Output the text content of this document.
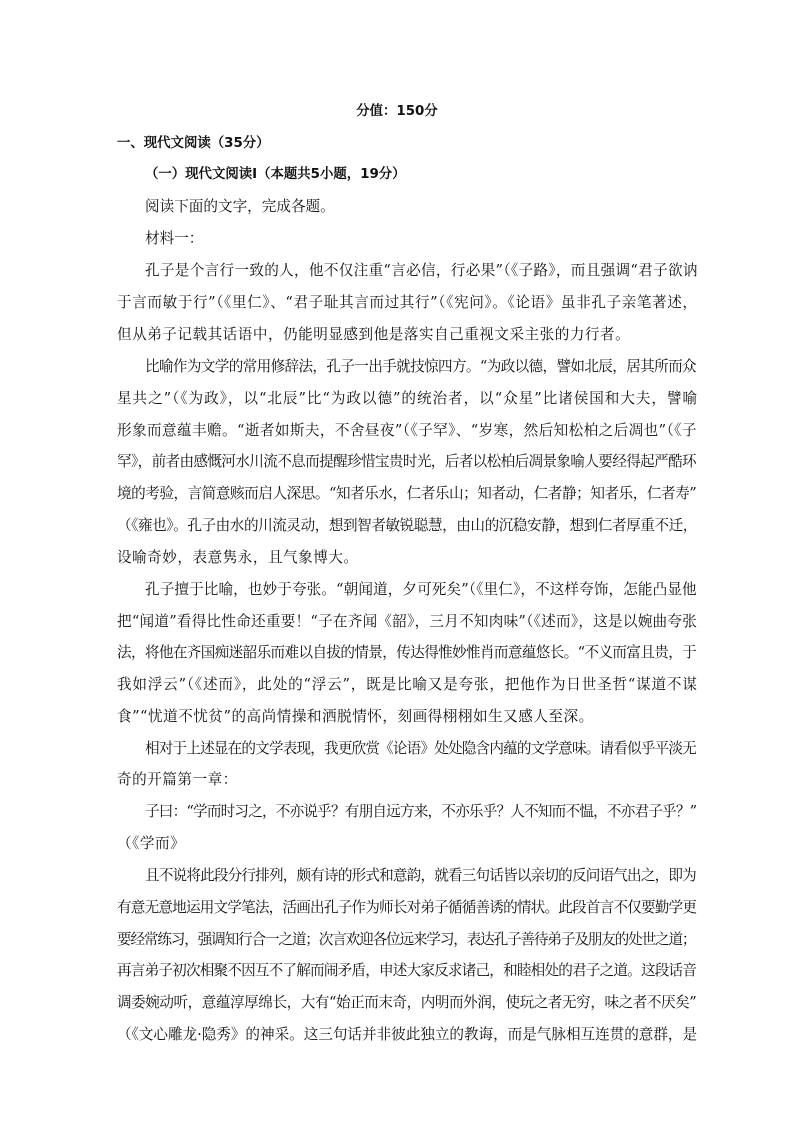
分值：150分
一、现代文阅读（35分）
（一）现代文阅读Ⅰ（本题共5小题，19分）
阅读下面的文字，完成各题。
材料一：
孔子是个言行一致的人，他不仅注重“言必信，行必果”（《子路》，而且强调“君子欲讷
于言而敏于行”（《里仁》、“君子耻其言而过其行”（《宪问》。《论语》虽非孔子亲笔著述，
但从弟子记载其话语中，仍能明显感到他是落实自己重视文采主张的力行者。
比喻作为文学的常用修辞法，孔子一出手就技惊四方。“为政以德，譬如北辰，居其所而众
星共之”（《为政》，以“北辰”比“为政以德”的统治者，以“众星”比诸侯国和大夫，譬喻
形象而意蕴丰赡。“逝者如斯夫，不舍昼夜”（《子罕》、“岁寒，然后知松柏之后凋也”（《子
罕》，前者由感慨河水川流不息而提醒珍惜宝贵时光，后者以松柏后凋景象喻人要经得起严酷环
境的考验，言简意赅而启人深思。“知者乐水，仁者乐山；知者动，仁者静；知者乐，仁者寿”
（《雍也》。孔子由水的川流灵动，想到智者敏锐聪慧，由山的沉稳安静，想到仁者厚重不迁，
设喻奇妙，表意隽永，且气象博大。
孔子擅于比喻，也妙于夸张。“朝闻道，夕可死矣”（《里仁》，不这样夸饰，怎能凸显他
把“闻道”看得比性命还重要！“子在齐闻《韶》，三月不知肉味”（《述而》，这是以婉曲夸张
法，将他在齐国痴迷韶乐而难以自拔的情景，传达得惟妙惟肖而意蕴悠长。“不义而富且贵，于
我如浮云”（《述而》，此处的“浮云”，既是比喻又是夸张，把他作为日世圣哲“谋道不谋
食”“忧道不忧贫”的高尚情操和洒脱情怀，刻画得栩栩如生又感人至深。
相对于上述显在的文学表现，我更欣赏《论语》处处隐含内蕴的文学意味。请看似乎平淡无
奇的开篇第一章：
子曰：“学而时习之，不亦说乎？有朋自远方来，不亦乐乎？人不知而不愠，不亦君子乎？”
（《学而》
且不说将此段分行排列，颇有诗的形式和意韵，就看三句话皆以亲切的反问语气出之，即为
有意无意地运用文学笔法，活画出孔子作为师长对弟子循循善诱的情状。此段首言不仅要勤学更
要经常练习，强调知行合一之道；次言欢迎各位远来学习，表达孔子善待弟子及朋友的处世之道；
再言弟子初次相聚不因互不了解而闹矛盾，申述大家反求诸己，和睦相处的君子之道。这段话音
调委婉动听，意蕴淳厚绵长，大有“始正而末奇，内明而外润，使玩之者无穷，味之者不厌矣”
（《文心雕龙·隐秀》的神采。这三句话并非彼此独立的教诲，而是气脉相互连贯的意群，是
